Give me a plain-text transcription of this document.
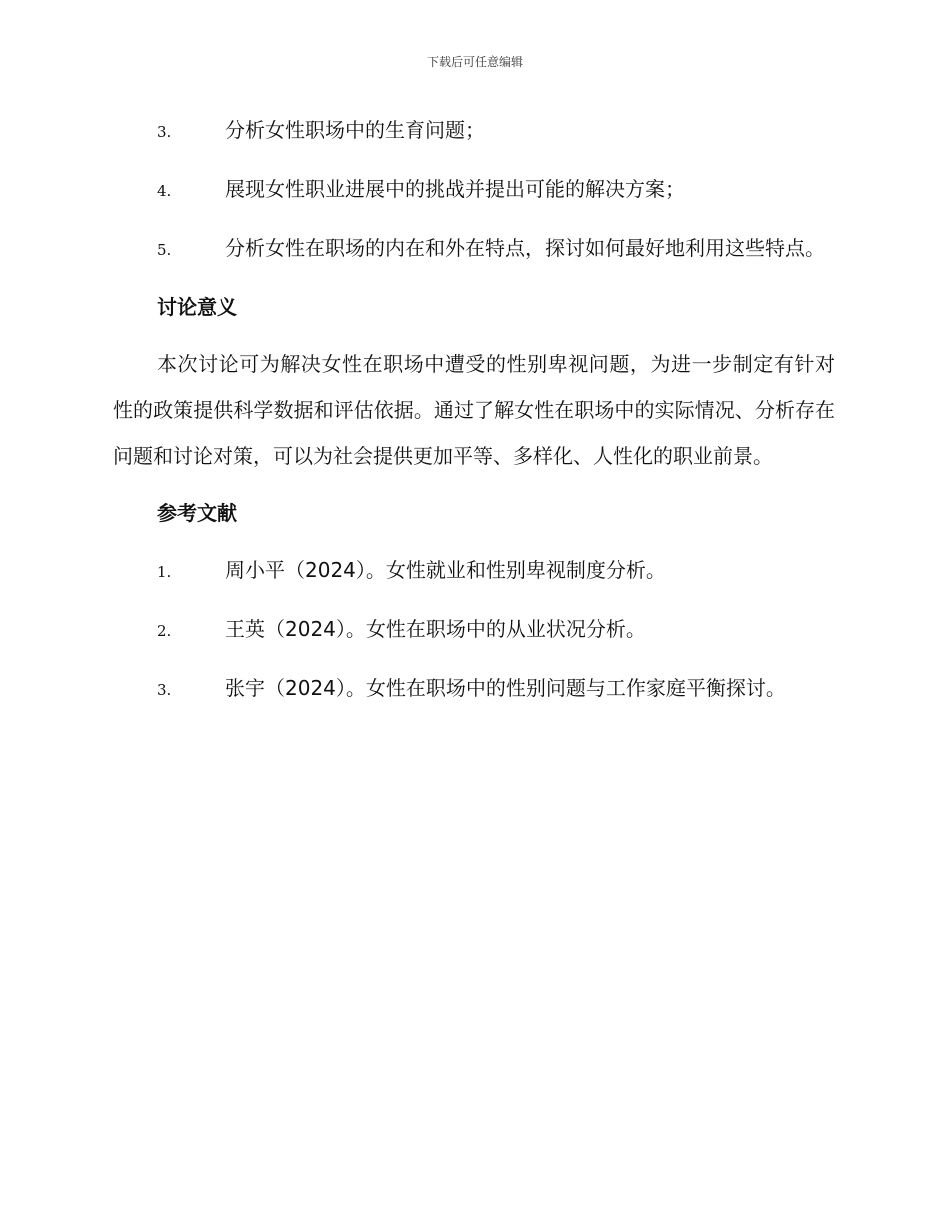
下载后可任意编辑
3.	分析女性职场中的生育问题；
4.	展现女性职业进展中的挑战并提出可能的解决方案；
5.	分析女性在职场的内在和外在特点，探讨如何最好地利用这些特点。
讨论意义
本次讨论可为解决女性在职场中遭受的性别卑视问题，为进一步制定有针对性的政策提供科学数据和评估依据。通过了解女性在职场中的实际情况、分析存在问题和讨论对策，可以为社会提供更加平等、多样化、人性化的职业前景。
参考文献
1.	周小平（2024）。女性就业和性别卑视制度分析。
2.	王英（2024）。女性在职场中的从业状况分析。
3.	张宇（2024）。女性在职场中的性别问题与工作家庭平衡探讨。
